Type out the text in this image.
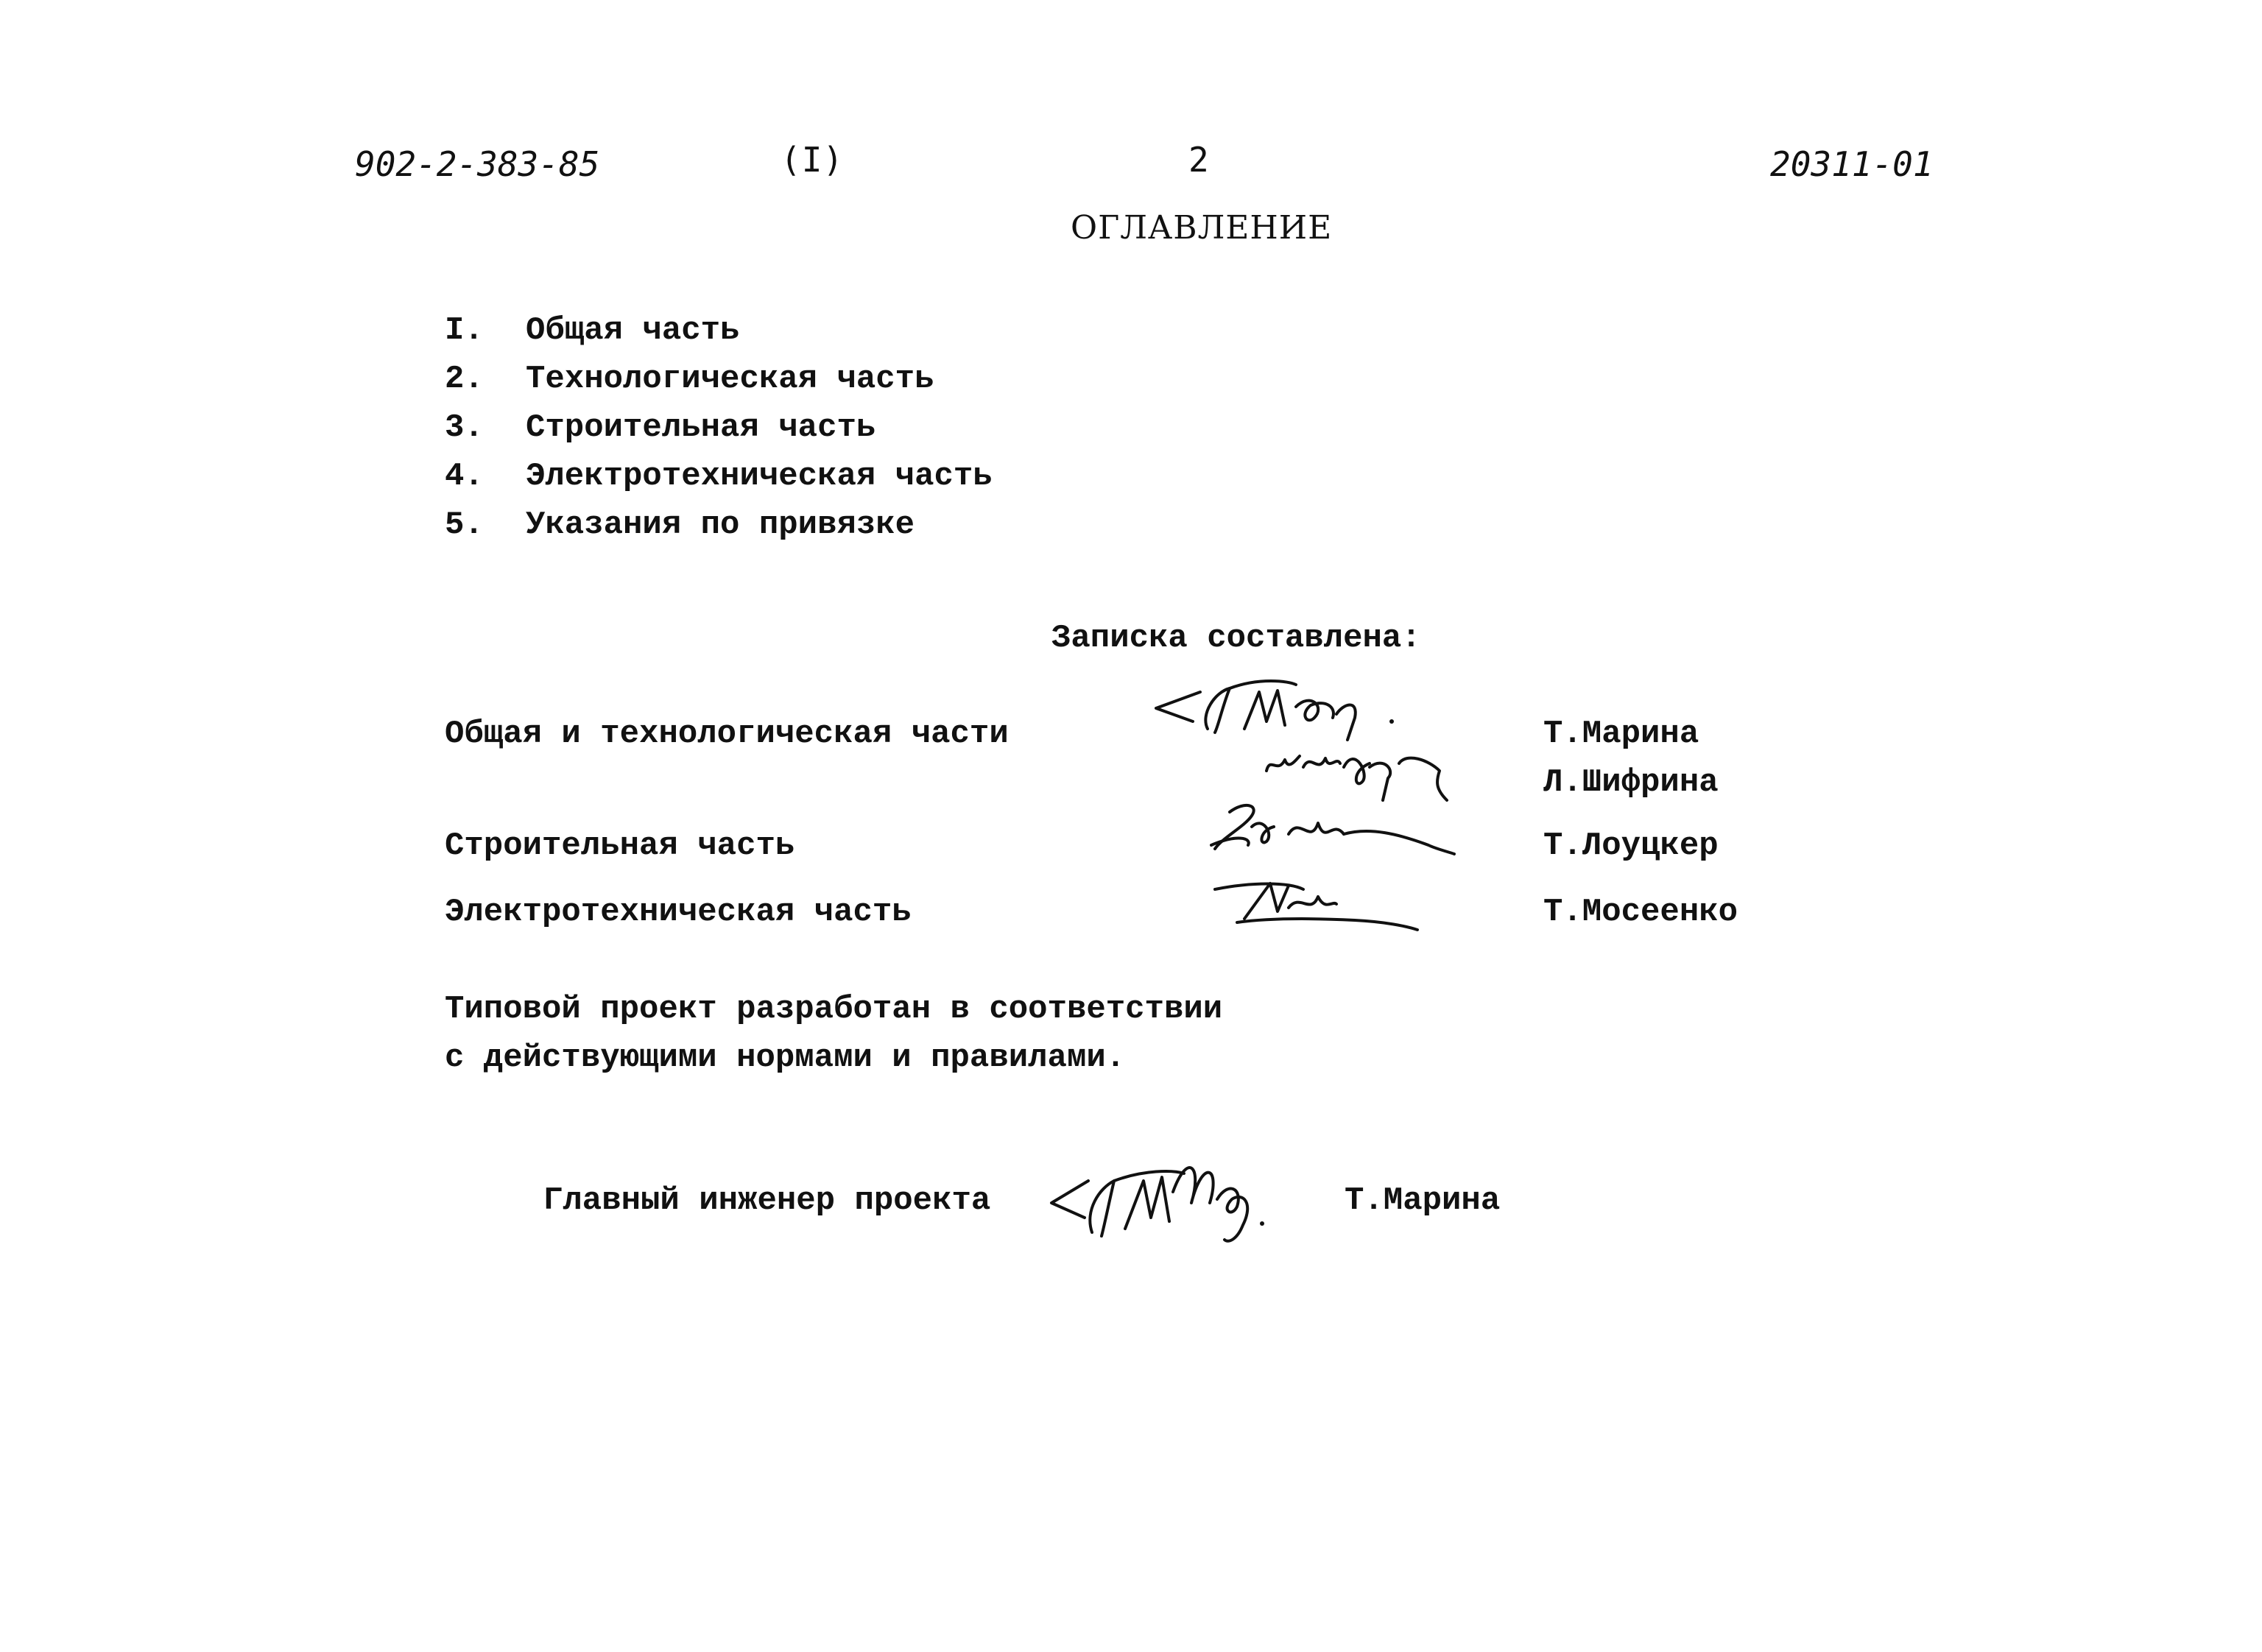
902-2-383-85	(I)	2	20311-01
ОГЛАВЛЕНИЕ
I. Общая часть
2. Технологическая часть
3. Строительная часть
4. Электротехническая часть
5. Указания по привязке
Записка составлена:
Общая и технологическая части	Т.Марина
Л.Шифрина
Строительная часть	Т.Лоуцкер
Электротехническая часть	Т.Мосеенко
Типовой проект разработан в соответствии
с действующими нормами и правилами.
Главный инженер проекта	Т.Марина
